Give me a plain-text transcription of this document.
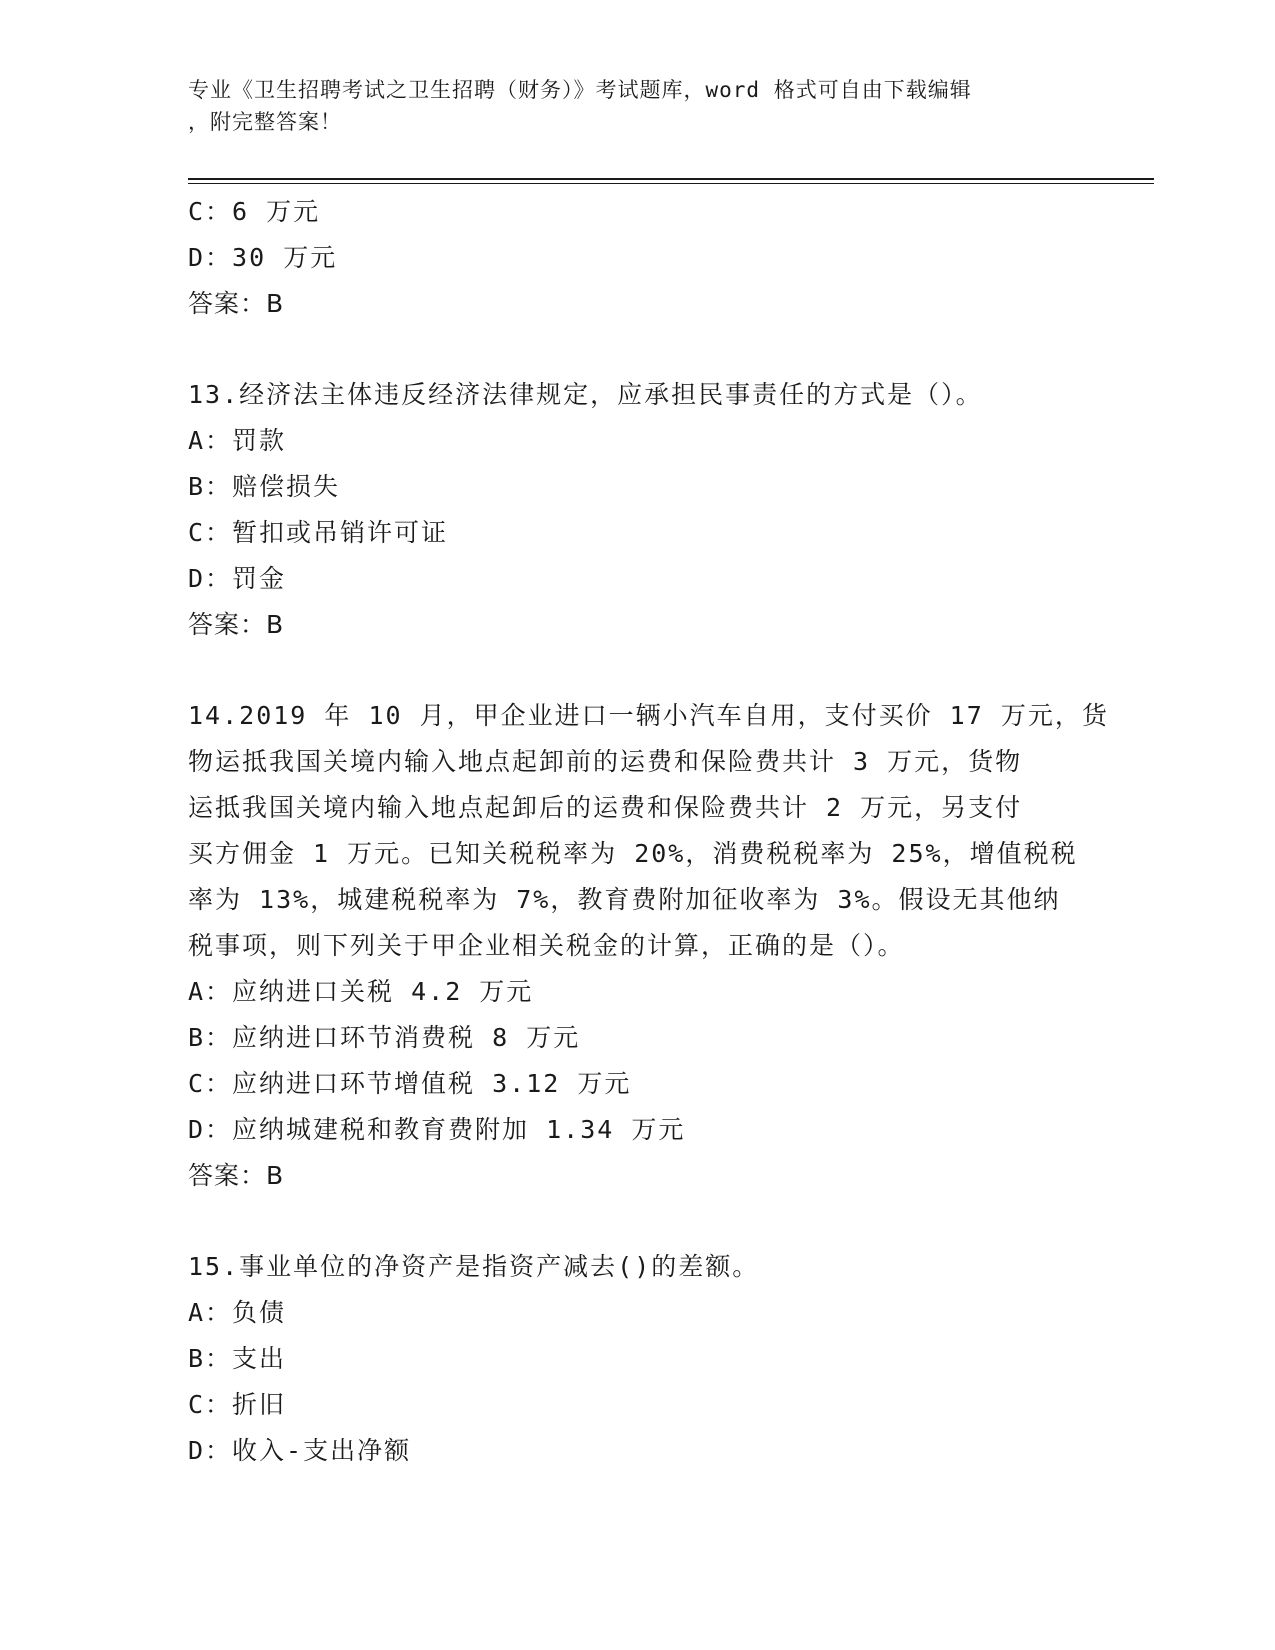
专业《卫生招聘考试之卫生招聘（财务）》考试题库，word 格式可自由下载编辑
，附完整答案！
C：6 万元
D：30 万元
答案：B
13.经济法主体违反经济法律规定，应承担民事责任的方式是（）。
A：罚款
B：赔偿损失
C：暂扣或吊销许可证
D：罚金
答案：B
14.2019 年 10 月，甲企业进口一辆小汽车自用，支付买价 17 万元，货
物运抵我国关境内输入地点起卸前的运费和保险费共计 3 万元，货物
运抵我国关境内输入地点起卸后的运费和保险费共计 2 万元，另支付
买方佣金 1 万元。已知关税税率为 20%，消费税税率为 25%，增值税税
率为 13%，城建税税率为 7%，教育费附加征收率为 3%。假设无其他纳
税事项，则下列关于甲企业相关税金的计算，正确的是（）。
A：应纳进口关税 4.2 万元
B：应纳进口环节消费税 8 万元
C：应纳进口环节增值税 3.12 万元
D：应纳城建税和教育费附加 1.34 万元
答案：B
15.事业单位的净资产是指资产减去()的差额。
A：负债
B：支出
C：折旧
D：收入-支出净额
